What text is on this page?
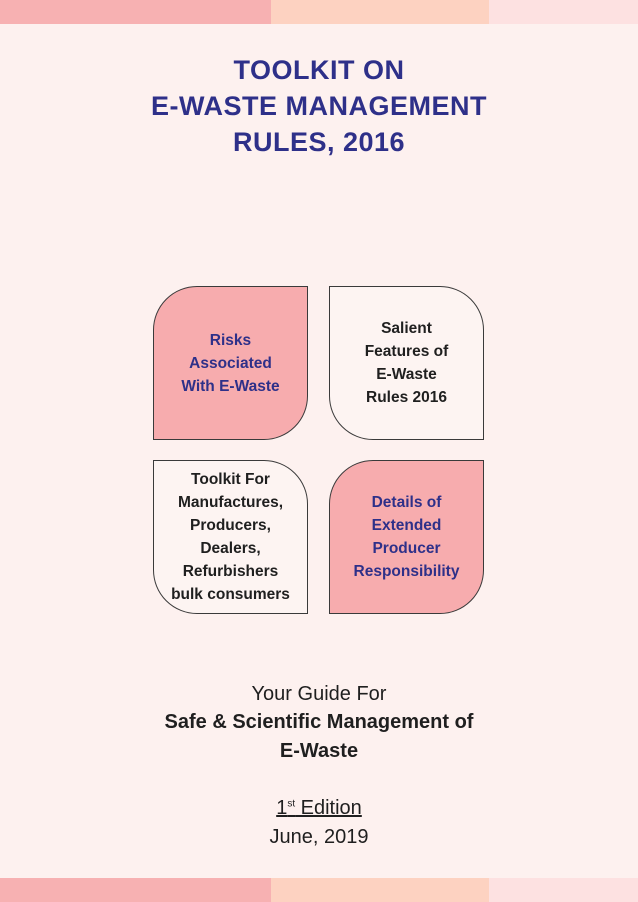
TOOLKIT ON
E-WASTE MANAGEMENT
RULES, 2016
Risks
Associated
With E-Waste
Salient
Features of
E-Waste
Rules 2016
Toolkit For
Manufactures,
Producers,
Dealers,
Refurbishers
bulk consumers
Details of
Extended
Producer
Responsibility
Your Guide For
Safe & Scientific Management of
E-Waste
1st Edition
June, 2019
